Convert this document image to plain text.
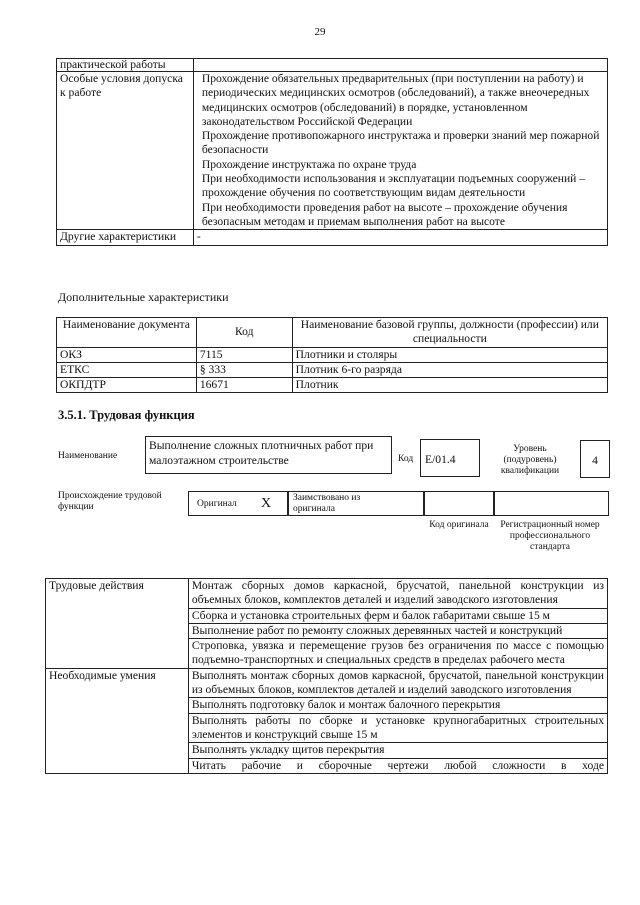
29
практической работы	
Особые условия допуска к работе	Прохождение обязательных предварительных (при поступлении на работу) и периодических медицинских осмотров (обследований), а также внеочередных медицинских осмотров (обследований) в порядке, установленном законодательством Российской Федерации
Прохождение противопожарного инструктажа и проверки знаний мер пожарной безопасности
Прохождение инструктажа по охране труда
При необходимости использования и эксплуатации подъемных сооружений – прохождение обучения по соответствующим видам деятельности
При необходимости проведения работ на высоте – прохождение обучения безопасным методам и приемам выполнения работ на высоте

Другие характеристики	-
Дополнительные характеристики
Наименование документа	Код	Наименование базовой группы, должности (профессии) или специальности
ОКЗ	7115	Плотники и столяры
ЕТКС	§ 333	Плотник 6-го разряда
ОКПДТР	16671	Плотник
3.5.1. Трудовая функция
Наименование
Выполнение сложных плотничных работ при малоэтажном строительстве	Код	E/01.4
Уровень (подуровень) квалификации
4
Происхождение трудовой функции	Оригинал X Заимствовано из оригинала
Код оригинала	Регистрационный номер профессионального стандарта
Трудовые действия	Монтаж сборных домов каркасной, брусчатой, панельной конструкции из объемных блоков, комплектов деталей и изделий заводского изготовления
	Сборка и установка строительных ферм и балок габаритами свыше 15 м
	Выполнение работ по ремонту сложных деревянных частей и конструкций
	Строповка, увязка и перемещение грузов без ограничения по массе с помощью подъемно-транспортных и специальных средств в пределах рабочего места
Необходимые умения	Выполнять монтаж сборных домов каркасной, брусчатой, панельной конструкции из объемных блоков, комплектов деталей и изделий заводского изготовления
	Выполнять подготовку балок и монтаж балочного перекрытия
	Выполнять работы по сборке и установке крупногабаритных строительных элементов и конструкций свыше 15 м
	Выполнять укладку щитов перекрытия
	Читать рабочие и сборочные чертежи любой сложности в ходе
